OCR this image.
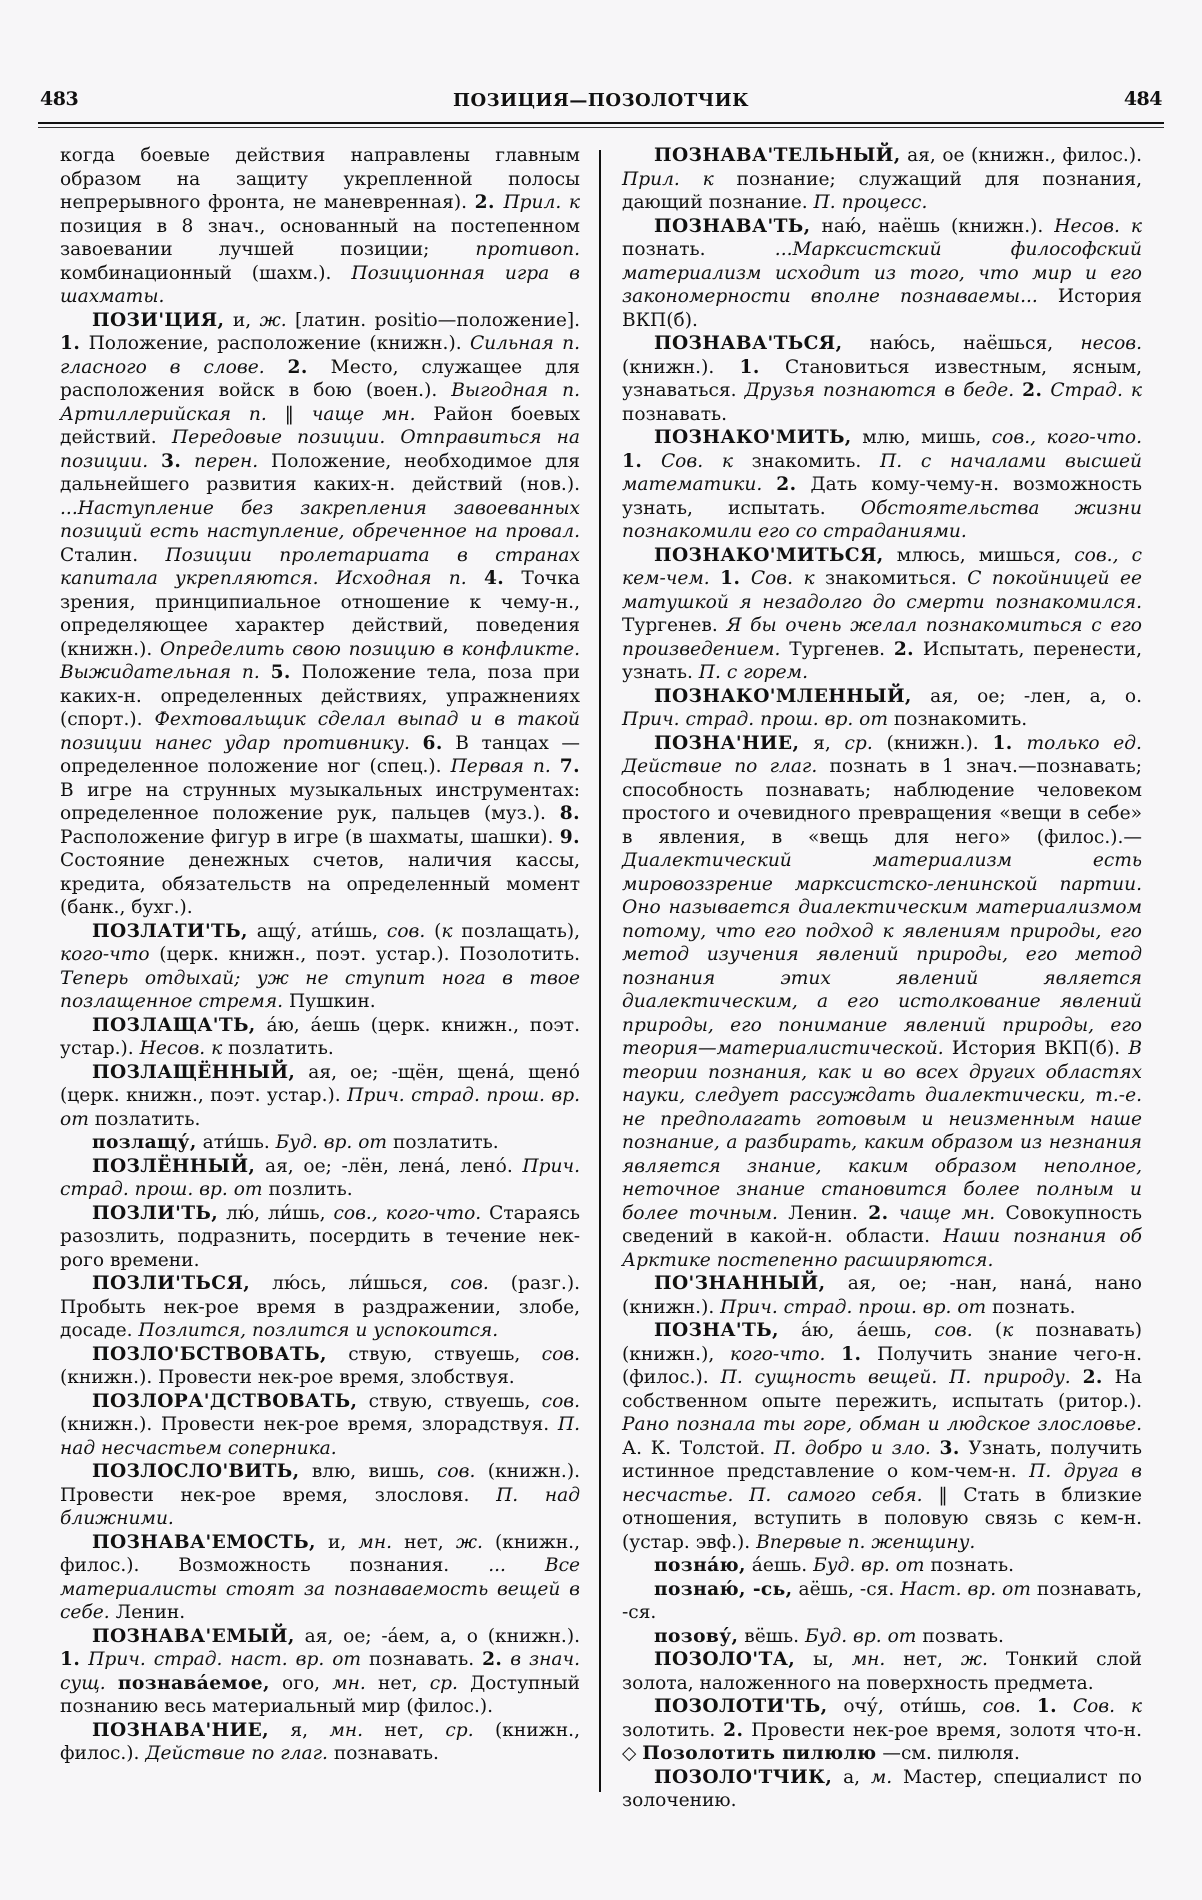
483	ПОЗИЦИЯ—ПОЗОЛОТЧИК	484

когда боевые действия направлены главным образом на защиту укрепленной полосы непрерывного фронта, не маневренная). 2. Прил. к позиция в 8 знач., основанный на постепенном завоевании лучшей позиции; противоп. комбинационный (шахм.). Позиционная игра в шахматы.

ПОЗИ'ЦИЯ, и, ж. [латин. positio—положение]. 1. Положение, расположение (книжн.). Сильная п. гласного в слове. 2. Место, служащее для расположения войск в бою (воен.). Выгодная п. Артиллерийская п. ‖ чаще мн. Район боевых действий. Передовые позиции. Отправиться на позиции. 3. перен. Положение, необходимое для дальнейшего развития каких-н. действий (нов.). ...Наступление без закрепления завоеванных позиций есть наступление, обреченное на провал. Сталин. Позиции пролетариата в странах капитала укрепляются. Исходная п. 4. Точка зрения, принципиальное отношение к чему-н., определяющее характер действий, поведения (книжн.). Определить свою позицию в конфликте. Выжидательная п. 5. Положение тела, поза при каких-н. определенных действиях, упражнениях (спорт.). Фехтовальщик сделал выпад и в такой позиции нанес удар противнику. 6. В танцах — определенное положение ног (спец.). Первая п. 7. В игре на струнных музыкальных инструментах: определенное положение рук, пальцев (муз.). 8. Расположение фигур в игре (в шахматы, шашки). 9. Состояние денежных счетов, наличия кассы, кредита, обязательств на определенный момент (банк., бухг.).

ПОЗЛАТИ'ТЬ, ащу́, ати́шь, сов. (к позлащать), кого-что (церк. книжн., поэт. устар.). Позолотить. Теперь отдыхай; уж не ступит нога в твое позлащенное стремя. Пушкин.

ПОЗЛАЩА'ТЬ, а́ю, а́ешь (церк. книжн., поэт. устар.). Несов. к позлатить.

ПОЗЛАЩЁННЫЙ, ая, ое; -щён, щена́, щено́ (церк. книжн., поэт. устар.). Прич. страд. прош. вр. от позлатить.

позлащу́, ати́шь. Буд. вр. от позлатить.

ПОЗЛЁННЫЙ, ая, ое; -лён, лена́, лено́. Прич. страд. прош. вр. от позлить.

ПОЗЛИ'ТЬ, лю́, ли́шь, сов., кого-что. Стараясь разозлить, подразнить, посердить в течение нек-рого времени.

ПОЗЛИ'ТЬСЯ, лю́сь, ли́шься, сов. (разг.). Пробыть нек-рое время в раздражении, злобе, досаде. Позлится, позлится и успокоится.

ПОЗЛО'БСТВОВАТЬ, ствую, ствуешь, сов. (книжн.). Провести нек-рое время, злобствуя.

ПОЗЛОРА'ДСТВОВАТЬ, ствую, ствуешь, сов. (книжн.). Провести нек-рое время, злорадствуя. П. над несчастьем соперника.

ПОЗЛОСЛО'ВИТЬ, влю, вишь, сов. (книжн.). Провести нек-рое время, злословя. П. над ближними.

ПОЗНАВА'ЕМОСТЬ, и, мн. нет, ж. (книжн., филос.). Возможность познания. ... Все материалисты стоят за познаваемость вещей в себе. Ленин.

ПОЗНАВА'ЕМЫЙ, ая, ое; -а́ем, а, о (книжн.). 1. Прич. страд. наст. вр. от познавать. 2. в знач. сущ. познава́емое, ого, мн. нет, ср. Доступный познанию весь материальный мир (филос.).

ПОЗНАВА'НИЕ, я, мн. нет, ср. (книжн., филос.). Действие по глаг. познавать.

ПОЗНАВА'ТЕЛЬНЫЙ, ая, ое (книжн., филос.). Прил. к познание; служащий для познания, дающий познание. П. процесс.

ПОЗНАВА'ТЬ, наю́, наёшь (книжн.). Несов. к познать. ...Марксистский философский материализм исходит из того, что мир и его закономерности вполне познаваемы... История ВКП(б).

ПОЗНАВА'ТЬСЯ, наю́сь, наёшься, несов. (книжн.). 1. Становиться известным, ясным, узнаваться. Друзья познаются в беде. 2. Страд. к познавать.

ПОЗНАКО'МИТЬ, млю, мишь, сов., кого-что. 1. Сов. к знакомить. П. с началами высшей математики. 2. Дать кому-чему-н. возможность узнать, испытать. Обстоятельства жизни познакомили его со страданиями.

ПОЗНАКО'МИТЬСЯ, млюсь, мишься, сов., с кем-чем. 1. Сов. к знакомиться. С покойницей ее матушкой я незадолго до смерти познакомился. Тургенев. Я бы очень желал познакомиться с его произведением. Тургенев. 2. Испытать, перенести, узнать. П. с горем.

ПОЗНАКО'МЛЕННЫЙ, ая, ое; -лен, а, о. Прич. страд. прош. вр. от познакомить.

ПОЗНА'НИЕ, я, ср. (книжн.). 1. только ед. Действие по глаг. познать в 1 знач.—познавать; способность познавать; наблюдение человеком простого и очевидного превращения «вещи в себе» в явления, в «вещь для него» (филос.).—Диалектический материализм есть мировоззрение марксистско-ленинской партии. Оно называется диалектическим материализмом потому, что его подход к явлениям природы, его метод изучения явлений природы, его метод познания этих явлений является диалектическим, а его истолкование явлений природы, его понимание явлений природы, его теория—материалистической. История ВКП(б). В теории познания, как и во всех других областях науки, следует рассуждать диалектически, т.-е. не предполагать готовым и неизменным наше познание, а разбирать, каким образом из незнания является знание, каким образом неполное, неточное знание становится более полным и более точным. Ленин. 2. чаще мн. Совокупность сведений в какой-н. области. Наши познания об Арктике постепенно расширяются.

ПО'ЗНАННЫЙ, ая, ое; -нан, нана́, нано (книжн.). Прич. страд. прош. вр. от познать.

ПОЗНА'ТЬ, а́ю, а́ешь, сов. (к познавать) (книжн.), кого-что. 1. Получить знание чего-н. (филос.). П. сущность вещей. П. природу. 2. На собственном опыте пережить, испытать (ритор.). Рано познала ты горе, обман и людское злословье. А. К. Толстой. П. добро и зло. 3. Узнать, получить истинное представление о ком-чем-н. П. друга в несчастье. П. самого себя. ‖ Стать в близкие отношения, вступить в половую связь с кем-н. (устар. эвф.). Впервые п. женщину.

позна́ю, а́ешь. Буд. вр. от познать.

познаю́, -сь, аёшь, -ся. Наст. вр. от познавать, -ся.

позову́, вёшь. Буд. вр. от позвать.

ПОЗОЛО'ТА, ы, мн. нет, ж. Тонкий слой золота, наложенного на поверхность предмета.

ПОЗОЛОТИ'ТЬ, очу́, оти́шь, сов. 1. Сов. к золотить. 2. Провести нек-рое время, золотя что-н. ◇ Позолотить пилюлю —см. пилюля.

ПОЗОЛО'ТЧИК, а, м. Мастер, специалист по золочению.
